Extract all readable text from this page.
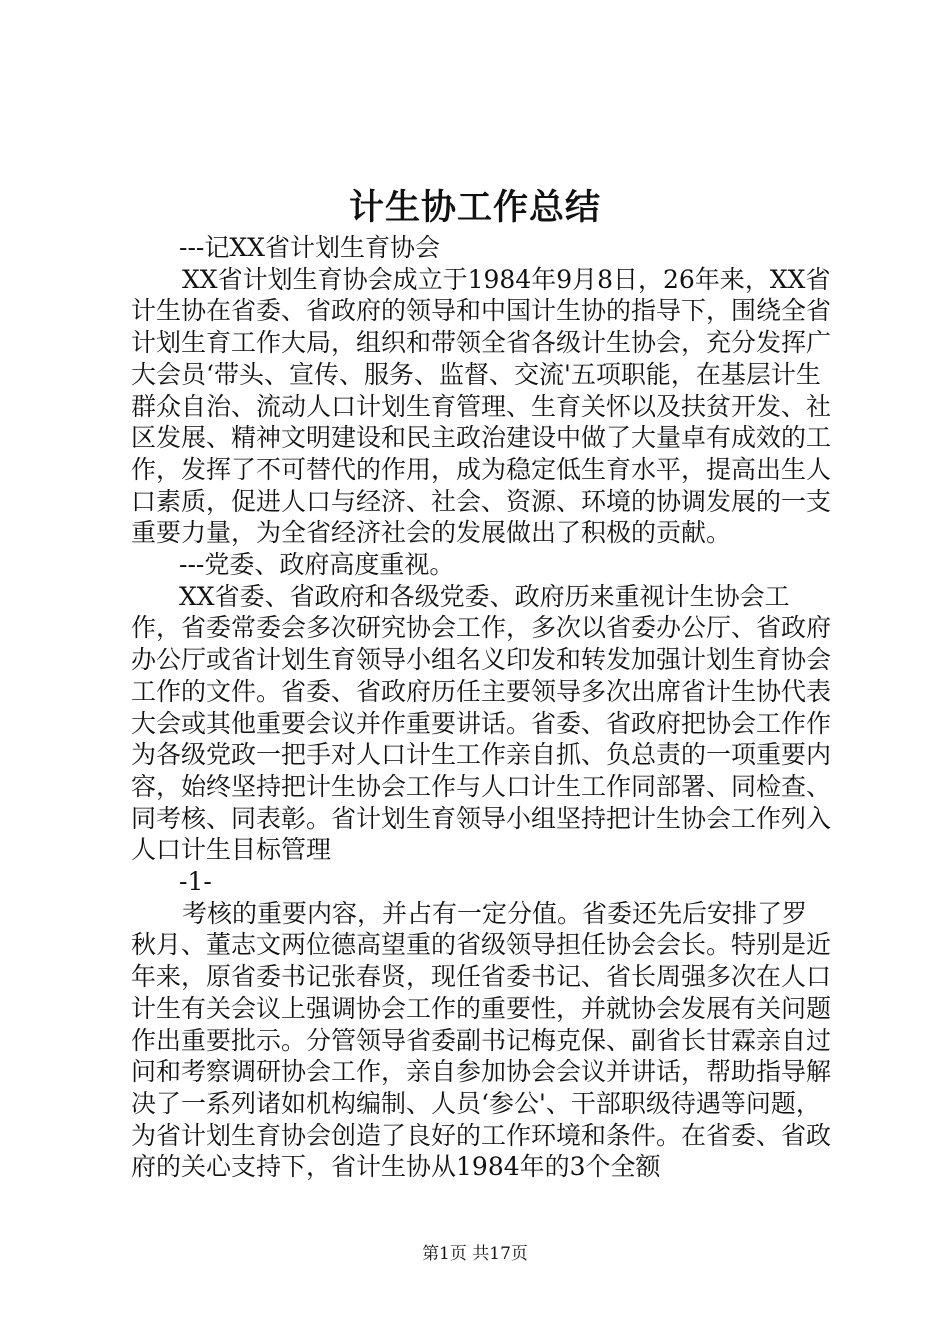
计生协工作总结

---记XX省计划生育协会

XX省计划生育协会成立于1984年9月8日，26年来，XX省计生协在省委、省政府的领导和中国计生协的指导下，围绕全省计划生育工作大局，组织和带领全省各级计生协会，充分发挥广大会员‘带头、宣传、服务、监督、交流'五项职能，在基层计生群众自治、流动人口计划生育管理、生育关怀以及扶贫开发、社区发展、精神文明建设和民主政治建设中做了大量卓有成效的工作，发挥了不可替代的作用，成为稳定低生育水平，提高出生人口素质，促进人口与经济、社会、资源、环境的协调发展的一支重要力量，为全省经济社会的发展做出了积极的贡献。

---党委、政府高度重视。

XX省委、省政府和各级党委、政府历来重视计生协会工作，省委常委会多次研究协会工作，多次以省委办公厅、省政府办公厅或省计划生育领导小组名义印发和转发加强计划生育协会工作的文件。省委、省政府历任主要领导多次出席省计生协代表大会或其他重要会议并作重要讲话。省委、省政府把协会工作作为各级党政一把手对人口计生工作亲自抓、负总责的一项重要内容，始终坚持把计生协会工作与人口计生工作同部署、同检查、同考核、同表彰。省计划生育领导小组坚持把计生协会工作列入人口计生目标管理

-1-

考核的重要内容，并占有一定分值。省委还先后安排了罗秋月、董志文两位德高望重的省级领导担任协会会长。特别是近年来，原省委书记张春贤，现任省委书记、省长周强多次在人口计生有关会议上强调协会工作的重要性，并就协会发展有关问题作出重要批示。分管领导省委副书记梅克保、副省长甘霖亲自过问和考察调研协会工作，亲自参加协会会议并讲话，帮助指导解决了一系列诸如机构编制、人员‘参公'、干部职级待遇等问题，为省计划生育协会创造了良好的工作环境和条件。在省委、省政府的关心支持下，省计生协从1984年的3个全额

第1页 共17页
